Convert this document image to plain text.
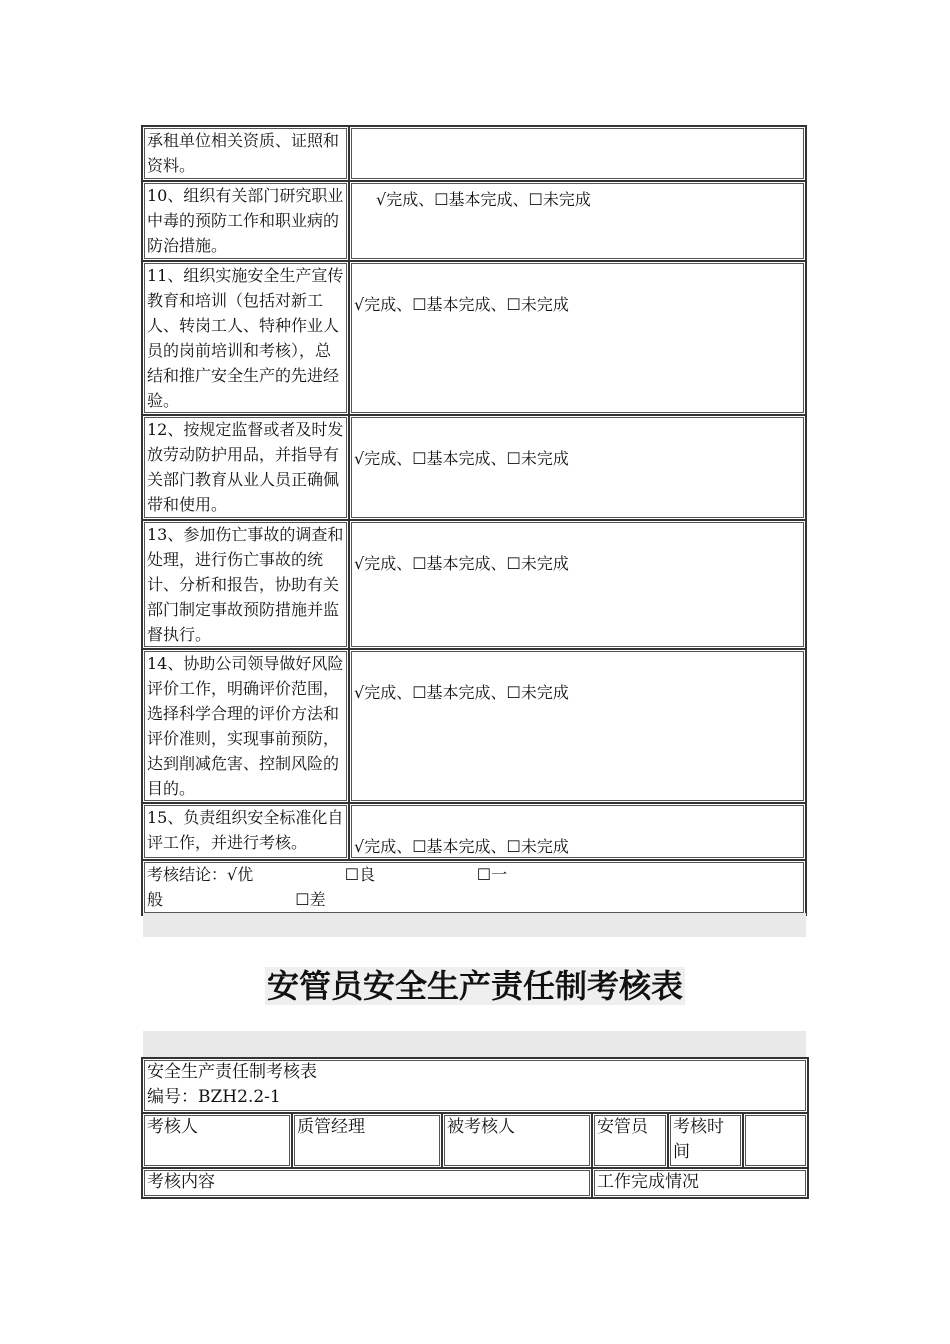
承租单位相关资质、证照和资料。	
10、组织有关部门研究职业中毒的预防工作和职业病的防治措施。	√完成、☐基本完成、☐未完成

11、组织实施安全生产宣传教育和培训（包括对新工人、转岗工人、特种作业人员的岗前培训和考核），总结和推广安全生产的先进经验。	√完成、☐基本完成、☐未完成

12、按规定监督或者及时发放劳动防护用品，并指导有关部门教育从业人员正确佩带和使用。	√完成、☐基本完成、☐未完成

13、参加伤亡事故的调查和处理，进行伤亡事故的统计、分析和报告，协助有关部门制定事故预防措施并监督执行。	√完成、☐基本完成、☐未完成

14、协助公司领导做好风险评价工作，明确评价范围，选择科学合理的评价方法和评价准则，实现事前预防，达到削减危害、控制风险的目的。	√完成、☐基本完成、☐未完成

15、负责组织安全标准化自评工作，并进行考核。	√完成、☐基本完成、☐未完成

考核结论：√优                  ☐良                    ☐一
般                          ☐差	
安管员安全生产责任制考核表
安全生产责任制考核表
编号：BZH2.2-1					

考核人	质管经理	被考核人	安管员	考核时间	
考核内容			工作完成情况		
